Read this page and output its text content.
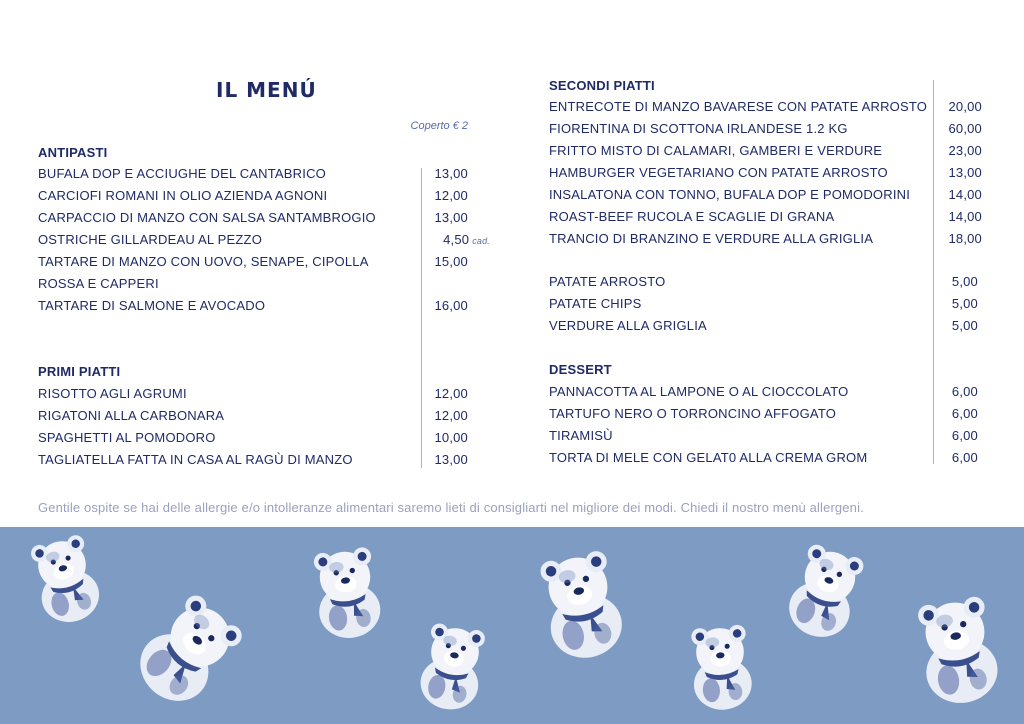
IL MENÚ
Coperto € 2
ANTIPASTI
BUFALA DOP E ACCIUGHE DEL CANTABRICO	13,00
CARCIOFI ROMANI IN OLIO AZIENDA AGNONI	12,00
CARPACCIO DI MANZO CON SALSA SANTAMBROGIO	13,00
OSTRICHE GILLARDEAU AL PEZZO	4,50 cad.
TARTARE DI MANZO CON UOVO, SENAPE, CIPOLLA	15,00
ROSSA E CAPPERI
TARTARE DI SALMONE E AVOCADO	16,00
PRIMI PIATTI
RISOTTO AGLI AGRUMI	12,00
RIGATONI ALLA CARBONARA	12,00
SPAGHETTI AL POMODORO	10,00
TAGLIATELLA FATTA IN CASA AL RAGÙ DI MANZO	13,00
SECONDI PIATTI
ENTRECOTE DI MANZO BAVARESE CON PATATE ARROSTO	20,00
FIORENTINA DI SCOTTONA IRLANDESE 1.2 KG	60,00
FRITTO MISTO DI CALAMARI, GAMBERI E VERDURE	23,00
HAMBURGER VEGETARIANO CON PATATE ARROSTO	13,00
INSALATONA CON TONNO, BUFALA DOP E POMODORINI	14,00
ROAST-BEEF RUCOLA E SCAGLIE DI GRANA	14,00
TRANCIO DI BRANZINO E VERDURE ALLA GRIGLIA	18,00
PATATE ARROSTO	5,00
PATATE CHIPS	5,00
VERDURE ALLA GRIGLIA	5,00
DESSERT
PANNACOTTA AL LAMPONE O AL CIOCCOLATO	6,00
TARTUFO NERO O TORRONCINO AFFOGATO	6,00
TIRAMISÙ	6,00
TORTA DI MELE CON GELAT0 ALLA CREMA GROM	6,00
Gentile ospite se hai delle allergie e/o intolleranze alimentari saremo lieti di consigliarti nel migliore dei modi. Chiedi il nostro menù allergeni.
